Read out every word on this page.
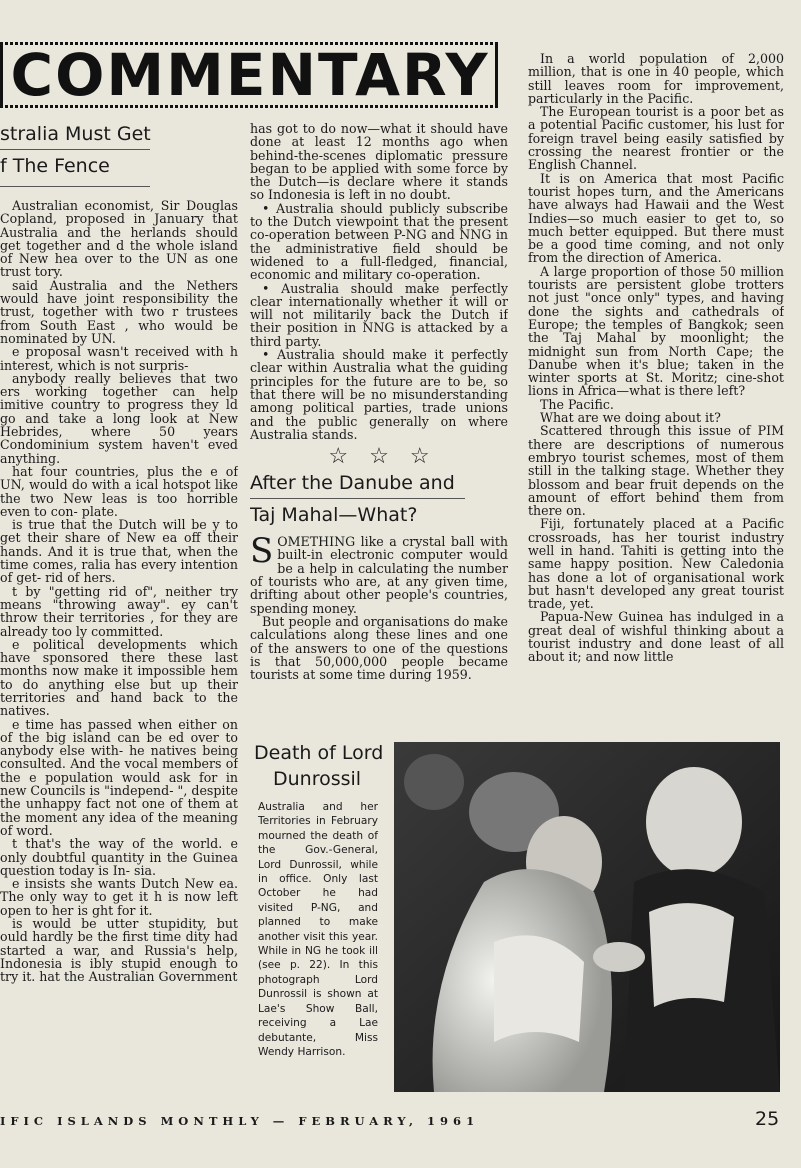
COMMENTARY
stralia Must Get
f The Fence

Australian economist, Sir Douglas Copland, proposed in January that Australia and the herlands should get together and d the whole island of New hea over to the UN as one trust tory.

said Australia and the Nethers would have joint responsibility the trust, together with two r trustees from South East , who would be nominated by UN.

e proposal wasn't received with h interest, which is not surpris-

anybody really believes that two ers working together can help imitive country to progress they ld go and take a long look at New Hebrides, where 50 years Condominium system haven't eved anything.

hat four countries, plus the e of UN, would do with a ical hotspot like the two New leas is too horrible even to con- plate.

is true that the Dutch will be y to get their share of New ea off their hands. And it is true that, when the time comes, ralia has every intention of get- rid of hers.

t by "getting rid of", neither try means "throwing away". ey can't throw their territories , for they are already too ly committed.

e political developments which have sponsored there these last months now make it impossible hem to do anything else but up their territories and hand back to the natives.

e time has passed when either on of the big island can be ed over to anybody else with- he natives being consulted. And the vocal members of the e population would ask for in new Councils is "independ- ", despite the unhappy fact not one of them at the moment any idea of the meaning of word.

t that's the way of the world. e only doubtful quantity in the Guinea question today is In- sia.

e insists she wants Dutch New ea. The only way to get it h is now left open to her is ght for it.

is would be utter stupidity, but ould hardly be the first time dity had started a war, and Russia's help, Indonesia is ibly stupid enough to try it. hat the Australian Government

has got to do now—what it should have done at least 12 months ago when behind-the-scenes diplomatic pressure began to be applied with some force by the Dutch—is declare where it stands so Indonesia is left in no doubt.

• Australia should publicly subscribe to the Dutch viewpoint that the present co-operation between P-NG and NNG in the administrative field should be widened to a full-fledged, financial, economic and military co-operation.

• Australia should make perfectly clear internationally whether it will or will not militarily back the Dutch if their position in NNG is attacked by a third party.

• Australia should make it perfectly clear within Australia what the guiding principles for the future are to be, so that there will be no misunderstanding among political parties, trade unions and the public generally on where Australia stands.

☆   ☆   ☆
After the Danube and
Taj Mahal—What?

SOMETHING like a crystal ball with built-in electronic computer would be a help in calculating the number of tourists who are, at any given time, drifting about other people's countries, spending money.

But people and organisations do make calculations along these lines and one of the answers to one of the questions is that 50,000,000 people became tourists at some time during 1959.

In a world population of 2,000 million, that is one in 40 people, which still leaves room for improvement, particularly in the Pacific.

The European tourist is a poor bet as a potential Pacific customer, his lust for foreign travel being easily satisfied by crossing the nearest frontier or the English Channel.

It is on America that most Pacific tourist hopes turn, and the Americans have always had Hawaii and the West Indies—so much easier to get to, so much better equipped. But there must be a good time coming, and not only from the direction of America.

A large proportion of those 50 million tourists are persistent globe trotters not just "once only" types, and having done the sights and cathedrals of Europe; the temples of Bangkok; seen the Taj Mahal by moonlight; the midnight sun from North Cape; the Danube when it's blue; taken in the winter sports at St. Moritz; cine-shot lions in Africa—what is there left?

The Pacific.

What are we doing about it?

Scattered through this issue of PIM there are descriptions of numerous embryo tourist schemes, most of them still in the talking stage. Whether they blossom and bear fruit depends on the amount of effort behind them from there on.

Fiji, fortunately placed at a Pacific crossroads, has her tourist industry well in hand. Tahiti is getting into the same happy position. New Caledonia has done a lot of organisational work but hasn't developed any great tourist trade, yet.

Papua-New Guinea has indulged in a great deal of wishful thinking about a tourist industry and done least of all about it; and now little

Death of Lord
Dunrossil

Australia and her Territories in February mourned the death of the Gov.-General, Lord Dunrossil, while in office. Only last October he had visited P-NG, and planned to make another visit this year. While in NG he took ill (see p. 22). In this photograph Lord Dunrossil is shown at Lae's Show Ball, receiving a Lae debutante, Miss Wendy Harrison.

IFIC ISLANDS MONTHLY — FEBRUARY, 1961	25
